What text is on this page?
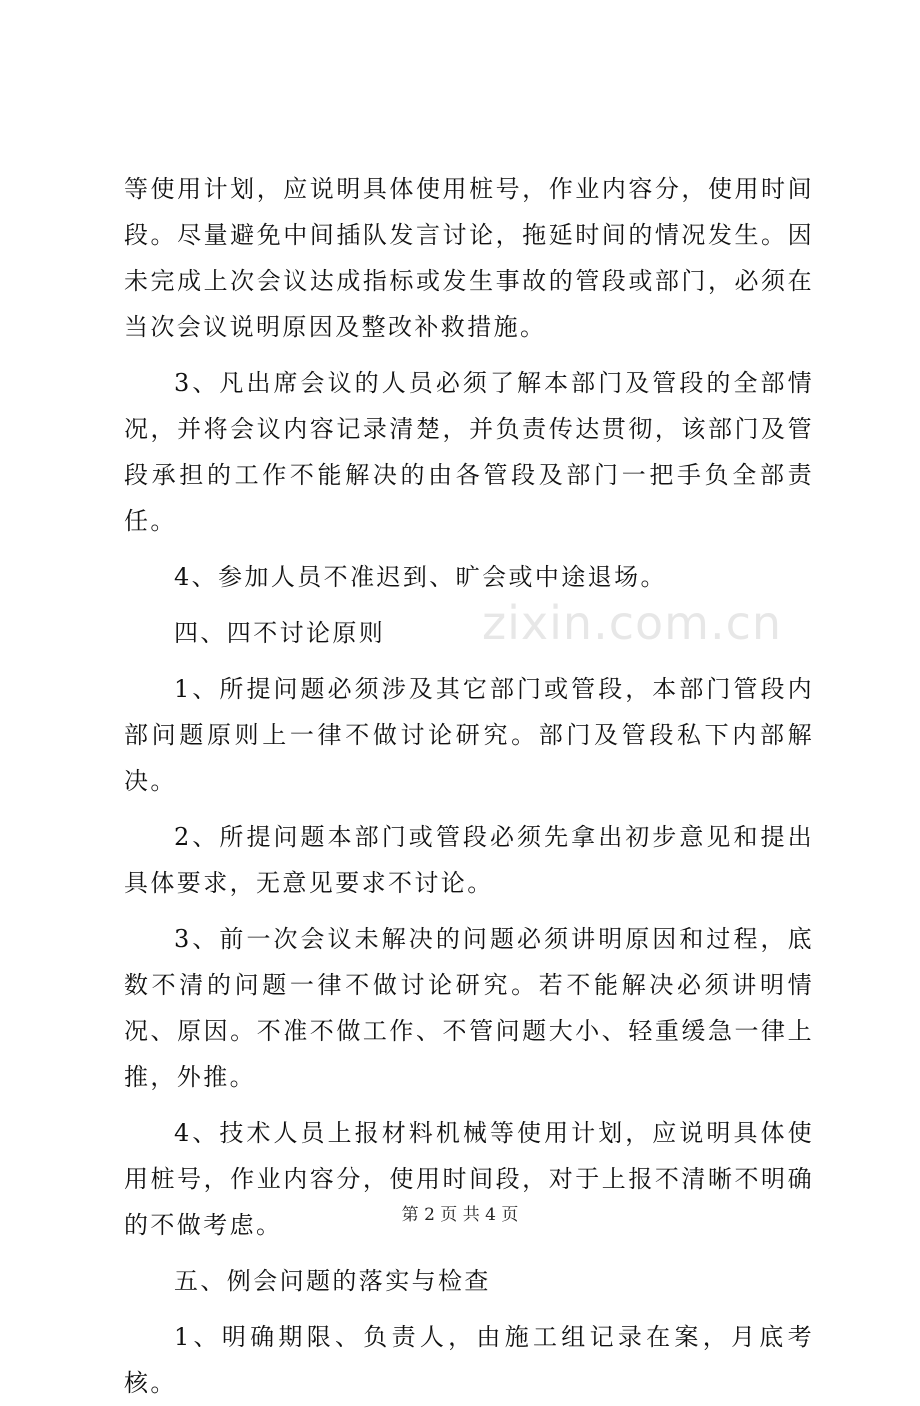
等使用计划，应说明具体使用桩号，作业内容分，使用时间段。尽量避免中间插队发言讨论，拖延时间的情况发生。因未完成上次会议达成指标或发生事故的管段或部门，必须在当次会议说明原因及整改补救措施。

3、凡出席会议的人员必须了解本部门及管段的全部情况，并将会议内容记录清楚，并负责传达贯彻，该部门及管段承担的工作不能解决的由各管段及部门一把手负全部责任。

4、参加人员不准迟到、旷会或中途退场。

四、四不讨论原则

1、所提问题必须涉及其它部门或管段，本部门管段内部问题原则上一律不做讨论研究。部门及管段私下内部解决。

2、所提问题本部门或管段必须先拿出初步意见和提出具体要求，无意见要求不讨论。

3、前一次会议未解决的问题必须讲明原因和过程，底数不清的问题一律不做讨论研究。若不能解决必须讲明情况、原因。不准不做工作、不管问题大小、轻重缓急一律上推，外推。

4、技术人员上报材料机械等使用计划，应说明具体使用桩号，作业内容分，使用时间段，对于上报不清晰不明确的不做考虑。

五、例会问题的落实与检查

1、明确期限、负责人，由施工组记录在案，月底考核。

zixin.com.cn
第 2 页 共 4 页
